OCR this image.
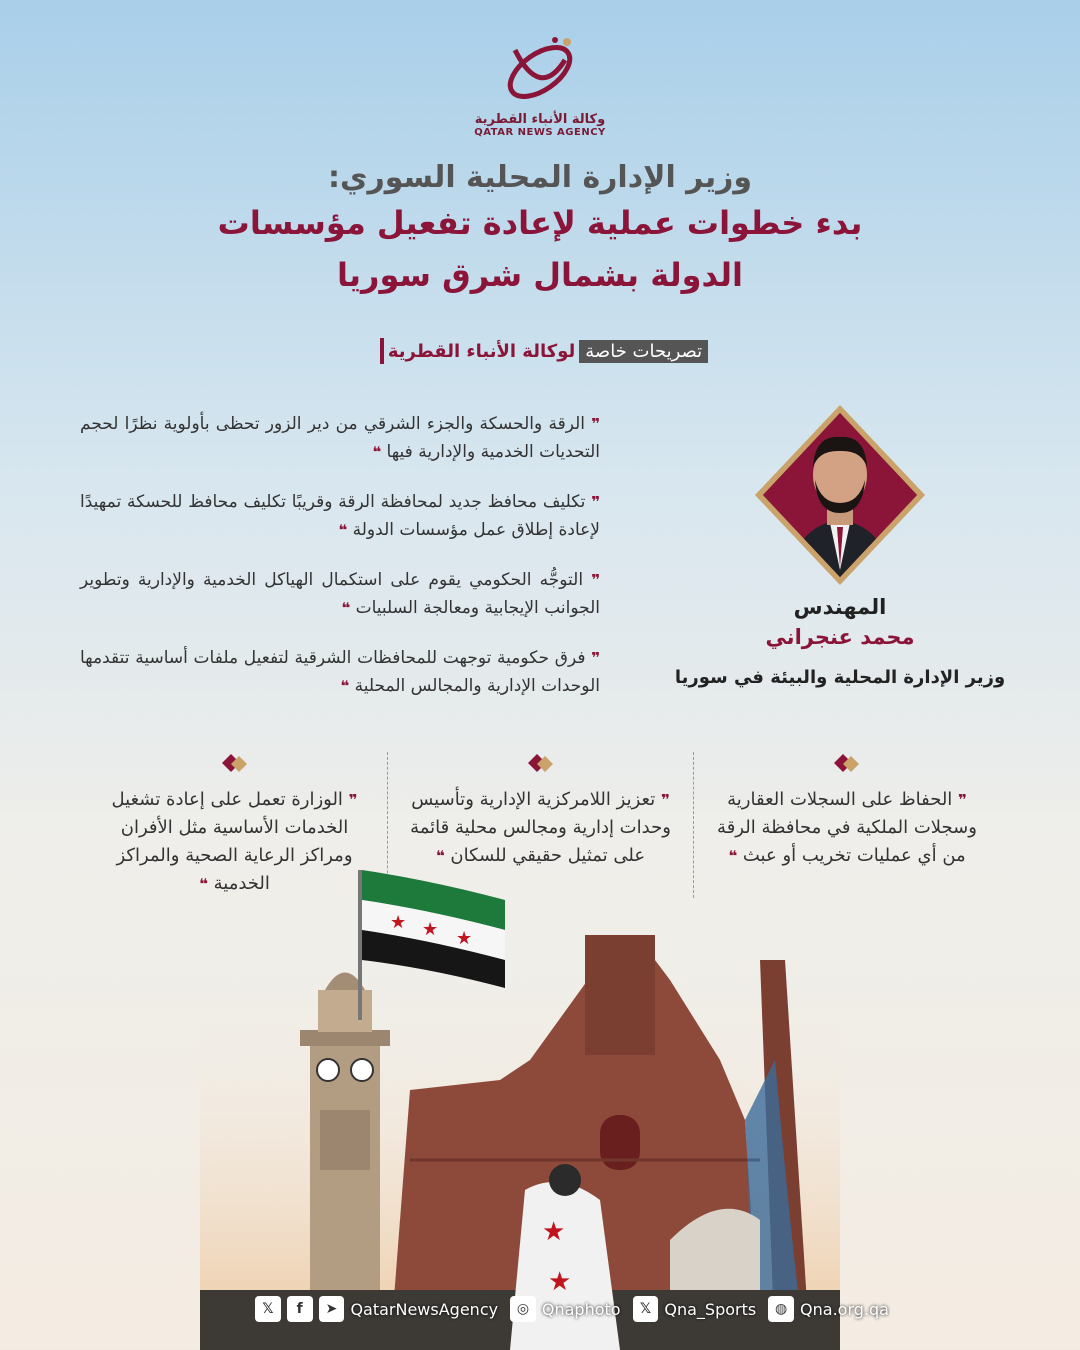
وكالة الأنباء القطرية
QATAR NEWS AGENCY
وزير الإدارة المحلية السوري:
بدء خطوات عملية لإعادة تفعيل مؤسسات
الدولة بشمال شرق سوريا
تصريحات خاصة
لوكالة الأنباء القطرية
❞ الرقة والحسكة والجزء الشرقي من دير الزور تحظى بأولوية نظرًا لحجم التحديات الخدمية والإدارية فيها ❝
❞ تكليف محافظ جديد لمحافظة الرقة وقريبًا تكليف محافظ للحسكة تمهيدًا لإعادة إطلاق عمل مؤسسات الدولة ❝
❞ التوجُّه الحكومي يقوم على استكمال الهياكل الخدمية والإدارية وتطوير الجوانب الإيجابية ومعالجة السلبيات ❝
❞ فرق حكومية توجهت للمحافظات الشرقية لتفعيل ملفات أساسية تتقدمها الوحدات الإدارية والمجالس المحلية ❝
المهندس
محمد عنجراني
وزير الإدارة المحلية والبيئة في سوريا
❞ الحفاظ على السجلات العقارية وسجلات الملكية في محافظة الرقة من أي عمليات تخريب أو عبث ❝
❞ تعزيز اللامركزية الإدارية وتأسيس وحدات إدارية ومجالس محلية قائمة على تمثيل حقيقي للسكان ❝
❞ الوزارة تعمل على إعادة تشغيل الخدمات الأساسية مثل الأفران ومراكز الرعاية الصحية والمراكز الخدمية ❝
★ ★ ★
★
★
𝕏	f	➤ QatarNewsAgency	◎ Qnaphoto	𝕏 Qna_Sports	◍ Qna.org.qa
